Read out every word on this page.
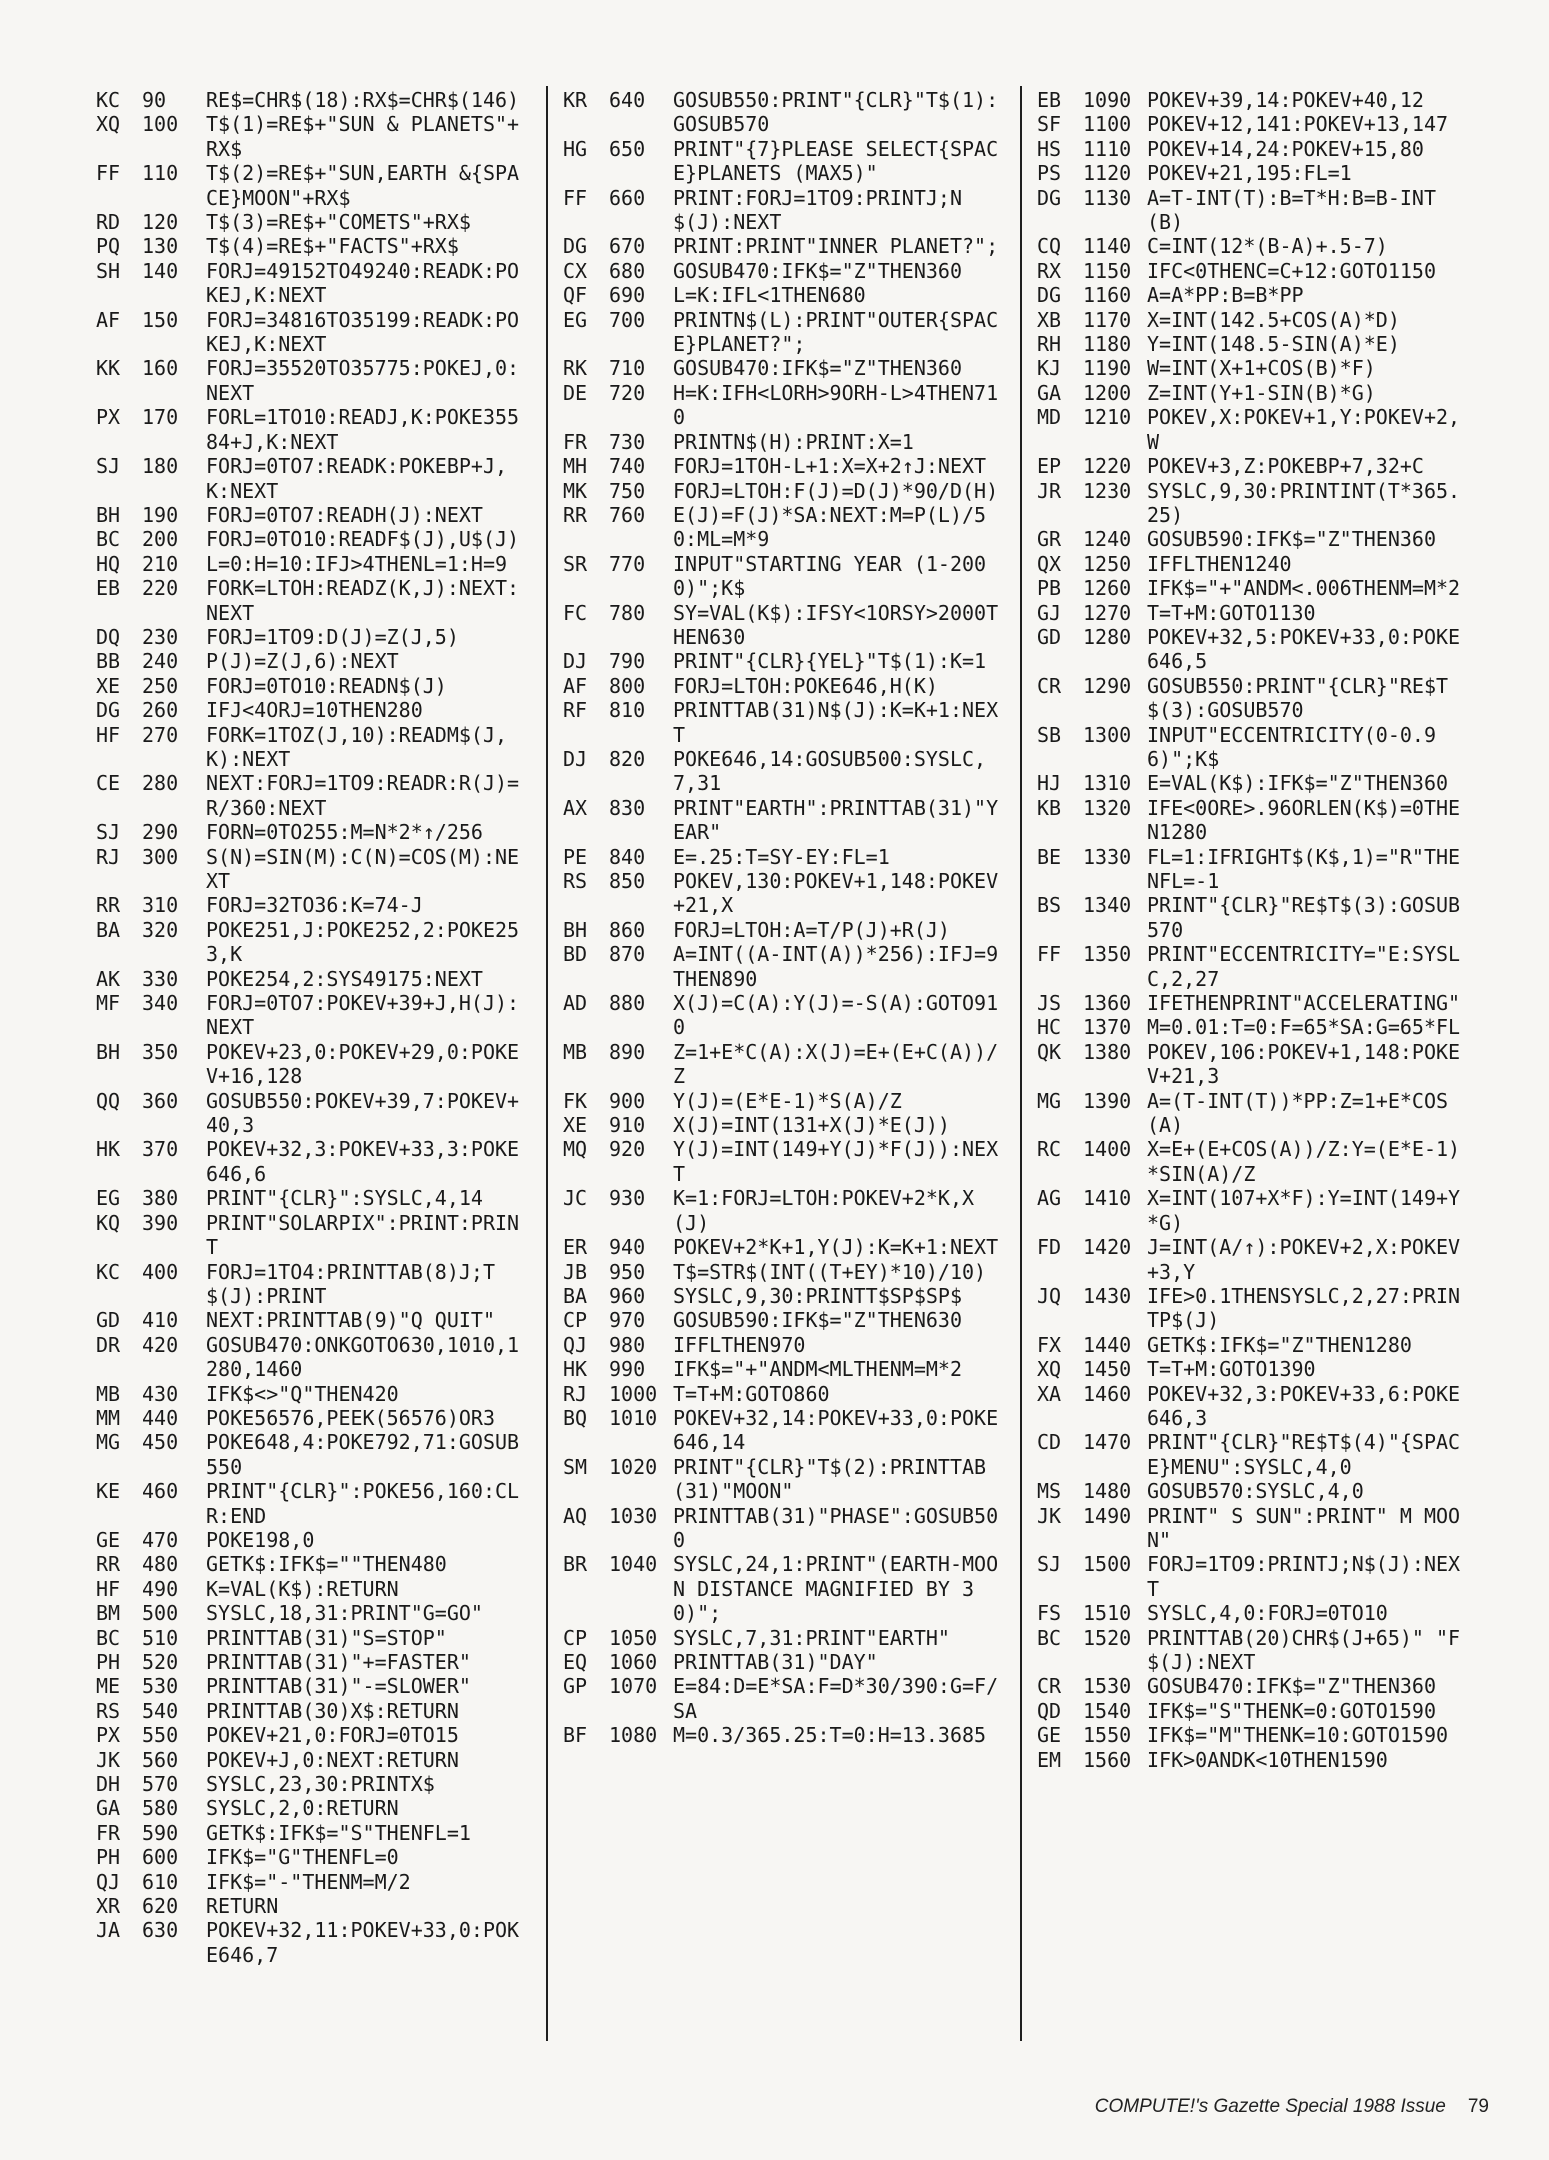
KC	90	RE$=CHR$(18):RX$=CHR$(146)
XQ	100	T$(1)=RE$+"SUN & PLANETS"+RX$
FF	110	T$(2)=RE$+"SUN,EARTH &{SPACE}MOON"+RX$
RD	120	T$(3)=RE$+"COMETS"+RX$
PQ	130	T$(4)=RE$+"FACTS"+RX$
SH	140	FORJ=49152TO49240:READK:POKEJ,K:NEXT
AF	150	FORJ=34816TO35199:READK:POKEJ,K:NEXT
KK	160	FORJ=35520TO35775:POKEJ,0:NEXT
PX	170	FORL=1TO10:READJ,K:POKE35584+J,K:NEXT
SJ	180	FORJ=0TO7:READK:POKEBP+J,K:NEXT
BH	190	FORJ=0TO7:READH(J):NEXT
BC	200	FORJ=0TO10:READF$(J),U$(J)
HQ	210	L=0:H=10:IFJ>4THENL=1:H=9
EB	220	FORK=LTOH:READZ(K,J):NEXT:NEXT
DQ	230	FORJ=1TO9:D(J)=Z(J,5)
BB	240	P(J)=Z(J,6):NEXT
XE	250	FORJ=0TO10:READN$(J)
DG	260	IFJ<4ORJ=10THEN280
HF	270	FORK=1TOZ(J,10):READM$(J,K):NEXT
CE	280	NEXT:FORJ=1TO9:READR:R(J)=R/360:NEXT
SJ	290	FORN=0TO255:M=N*2*↑/256
RJ	300	S(N)=SIN(M):C(N)=COS(M):NEXT
RR	310	FORJ=32TO36:K=74-J
BA	320	POKE251,J:POKE252,2:POKE253,K
AK	330	POKE254,2:SYS49175:NEXT
MF	340	FORJ=0TO7:POKEV+39+J,H(J):NEXT
BH	350	POKEV+23,0:POKEV+29,0:POKEV+16,128
QQ	360	GOSUB550:POKEV+39,7:POKEV+40,3
HK	370	POKEV+32,3:POKEV+33,3:POKE646,6
EG	380	PRINT"{CLR}":SYSLC,4,14
KQ	390	PRINT"SOLARPIX":PRINT:PRINT
KC	400	FORJ=1TO4:PRINTTAB(8)J;T$(J):PRINT
GD	410	NEXT:PRINTTAB(9)"Q QUIT"
DR	420	GOSUB470:ONKGOTO630,1010,1280,1460
MB	430	IFK$<>"Q"THEN420
MM	440	POKE56576,PEEK(56576)OR3
MG	450	POKE648,4:POKE792,71:GOSUB550
KE	460	PRINT"{CLR}":POKE56,160:CLR:END
GE	470	POKE198,0
RR	480	GETK$:IFK$=""THEN480
HF	490	K=VAL(K$):RETURN
BM	500	SYSLC,18,31:PRINT"G=GO"
BC	510	PRINTTAB(31)"S=STOP"
PH	520	PRINTTAB(31)"+=FASTER"
ME	530	PRINTTAB(31)"-=SLOWER"
RS	540	PRINTTAB(30)X$:RETURN
PX	550	POKEV+21,0:FORJ=0TO15
JK	560	POKEV+J,0:NEXT:RETURN
DH	570	SYSLC,23,30:PRINTX$
GA	580	SYSLC,2,0:RETURN
FR	590	GETK$:IFK$="S"THENFL=1
PH	600	IFK$="G"THENFL=0
QJ	610	IFK$="-"THENM=M/2
XR	620	RETURN
JA	630	POKEV+32,11:POKEV+33,0:POKE646,7
KR	640	GOSUB550:PRINT"{CLR}"T$(1):GOSUB570
HG	650	PRINT"{7}PLEASE SELECT{SPACE}PLANETS (MAX5)"
FF	660	PRINT:FORJ=1TO9:PRINTJ;N$(J):NEXT
DG	670	PRINT:PRINT"INNER PLANET?";
CX	680	GOSUB470:IFK$="Z"THEN360
QF	690	L=K:IFL<1THEN680
EG	700	PRINTN$(L):PRINT"OUTER{SPACE}PLANET?";
RK	710	GOSUB470:IFK$="Z"THEN360
DE	720	H=K:IFH<LORH>9ORH-L>4THEN710
FR	730	PRINTN$(H):PRINT:X=1
MH	740	FORJ=1TOH-L+1:X=X+2↑J:NEXT
MK	750	FORJ=LTOH:F(J)=D(J)*90/D(H)
RR	760	E(J)=F(J)*SA:NEXT:M=P(L)/50:ML=M*9
SR	770	INPUT"STARTING YEAR (1-2000)";K$
FC	780	SY=VAL(K$):IFSY<1ORSY>2000THEN630
DJ	790	PRINT"{CLR}{YEL}"T$(1):K=1
AF	800	FORJ=LTOH:POKE646,H(K)
RF	810	PRINTTAB(31)N$(J):K=K+1:NEXT
DJ	820	POKE646,14:GOSUB500:SYSLC,7,31
AX	830	PRINT"EARTH":PRINTTAB(31)"YEAR"
PE	840	E=.25:T=SY-EY:FL=1
RS	850	POKEV,130:POKEV+1,148:POKEV+21,X
BH	860	FORJ=LTOH:A=T/P(J)+R(J)
BD	870	A=INT((A-INT(A))*256):IFJ=9THEN890
AD	880	X(J)=C(A):Y(J)=-S(A):GOTO910
MB	890	Z=1+E*C(A):X(J)=E+(E+C(A))/Z
FK	900	Y(J)=(E*E-1)*S(A)/Z
XE	910	X(J)=INT(131+X(J)*E(J))
MQ	920	Y(J)=INT(149+Y(J)*F(J)):NEXT
JC	930	K=1:FORJ=LTOH:POKEV+2*K,X(J)
ER	940	POKEV+2*K+1,Y(J):K=K+1:NEXT
JB	950	T$=STR$(INT((T+EY)*10)/10)
BA	960	SYSLC,9,30:PRINTT$SP$SP$
CP	970	GOSUB590:IFK$="Z"THEN630
QJ	980	IFFLTHEN970
HK	990	IFK$="+"ANDM<MLTHENM=M*2
RJ	1000 T=T+M:GOTO860
BQ	1010 POKEV+32,14:POKEV+33,0:POKE646,14
SM	1020 PRINT"{CLR}"T$(2):PRINTTAB(31)"MOON"
AQ	1030 PRINTTAB(31)"PHASE":GOSUB500
BR	1040 SYSLC,24,1:PRINT"(EARTH-MOON DISTANCE MAGNIFIED BY 30)";
CP	1050 SYSLC,7,31:PRINT"EARTH"
EQ	1060 PRINTTAB(31)"DAY"
GP	1070 E=84:D=E*SA:F=D*30/390:G=F/SA
BF	1080 M=0.3/365.25:T=0:H=13.3685
EB	1090 POKEV+39,14:POKEV+40,12
SF	1100 POKEV+12,141:POKEV+13,147
HS	1110 POKEV+14,24:POKEV+15,80
PS	1120 POKEV+21,195:FL=1
DG	1130 A=T-INT(T):B=T*H:B=B-INT(B)
CQ	1140 C=INT(12*(B-A)+.5-7)
RX	1150 IFC<0THENC=C+12:GOTO1150
DG	1160 A=A*PP:B=B*PP
XB	1170 X=INT(142.5+COS(A)*D)
RH	1180 Y=INT(148.5-SIN(A)*E)
KJ	1190 W=INT(X+1+COS(B)*F)
GA	1200 Z=INT(Y+1-SIN(B)*G)
MD	1210 POKEV,X:POKEV+1,Y:POKEV+2,W
EP	1220 POKEV+3,Z:POKEBP+7,32+C
JR	1230 SYSLC,9,30:PRINTINT(T*365.25)
GR	1240 GOSUB590:IFK$="Z"THEN360
QX	1250 IFFLTHEN1240
PB	1260 IFK$="+"ANDM<.006THENM=M*2
GJ	1270 T=T+M:GOTO1130
GD	1280 POKEV+32,5:POKEV+33,0:POKE646,5
CR	1290 GOSUB550:PRINT"{CLR}"RE$T$(3):GOSUB570
SB	1300 INPUT"ECCENTRICITY(0-0.96)";K$
HJ	1310 E=VAL(K$):IFK$="Z"THEN360
KB	1320 IFE<0ORE>.96ORLEN(K$)=0THEN1280
BE	1330 FL=1:IFRIGHT$(K$,1)="R"THENFL=-1
BS	1340 PRINT"{CLR}"RE$T$(3):GOSUB570
FF	1350 PRINT"ECCENTRICITY="E:SYSLC,2,27
JS	1360 IFETHENPRINT"ACCELERATING"
HC	1370 M=0.01:T=0:F=65*SA:G=65*FL
QK	1380 POKEV,106:POKEV+1,148:POKEV+21,3
MG	1390 A=(T-INT(T))*PP:Z=1+E*COS(A)
RC	1400 X=E+(E+COS(A))/Z:Y=(E*E-1)*SIN(A)/Z
AG	1410 X=INT(107+X*F):Y=INT(149+Y*G)
FD	1420 J=INT(A/↑):POKEV+2,X:POKEV+3,Y
JQ	1430 IFE>0.1THENSYSLC,2,27:PRINTP$(J)
FX	1440 GETK$:IFK$="Z"THEN1280
XQ	1450 T=T+M:GOTO1390
XA	1460 POKEV+32,3:POKEV+33,6:POKE646,3
CD	1470 PRINT"{CLR}"RE$T$(4)"{SPACE}MENU":SYSLC,4,0
MS	1480 GOSUB570:SYSLC,4,0
JK	1490 PRINT" S SUN":PRINT" M MOON"
SJ	1500 FORJ=1TO9:PRINTJ;N$(J):NEXT
FS	1510 SYSLC,4,0:FORJ=0TO10
BC	1520 PRINTTAB(20)CHR$(J+65)" "F$(J):NEXT
CR	1530 GOSUB470:IFK$="Z"THEN360
QD	1540 IFK$="S"THENK=0:GOTO1590
GE	1550 IFK$="M"THENK=10:GOTO1590
EM	1560 IFK>0ANDK<10THEN1590
COMPUTE!'s Gazette Special 1988 Issue 79
